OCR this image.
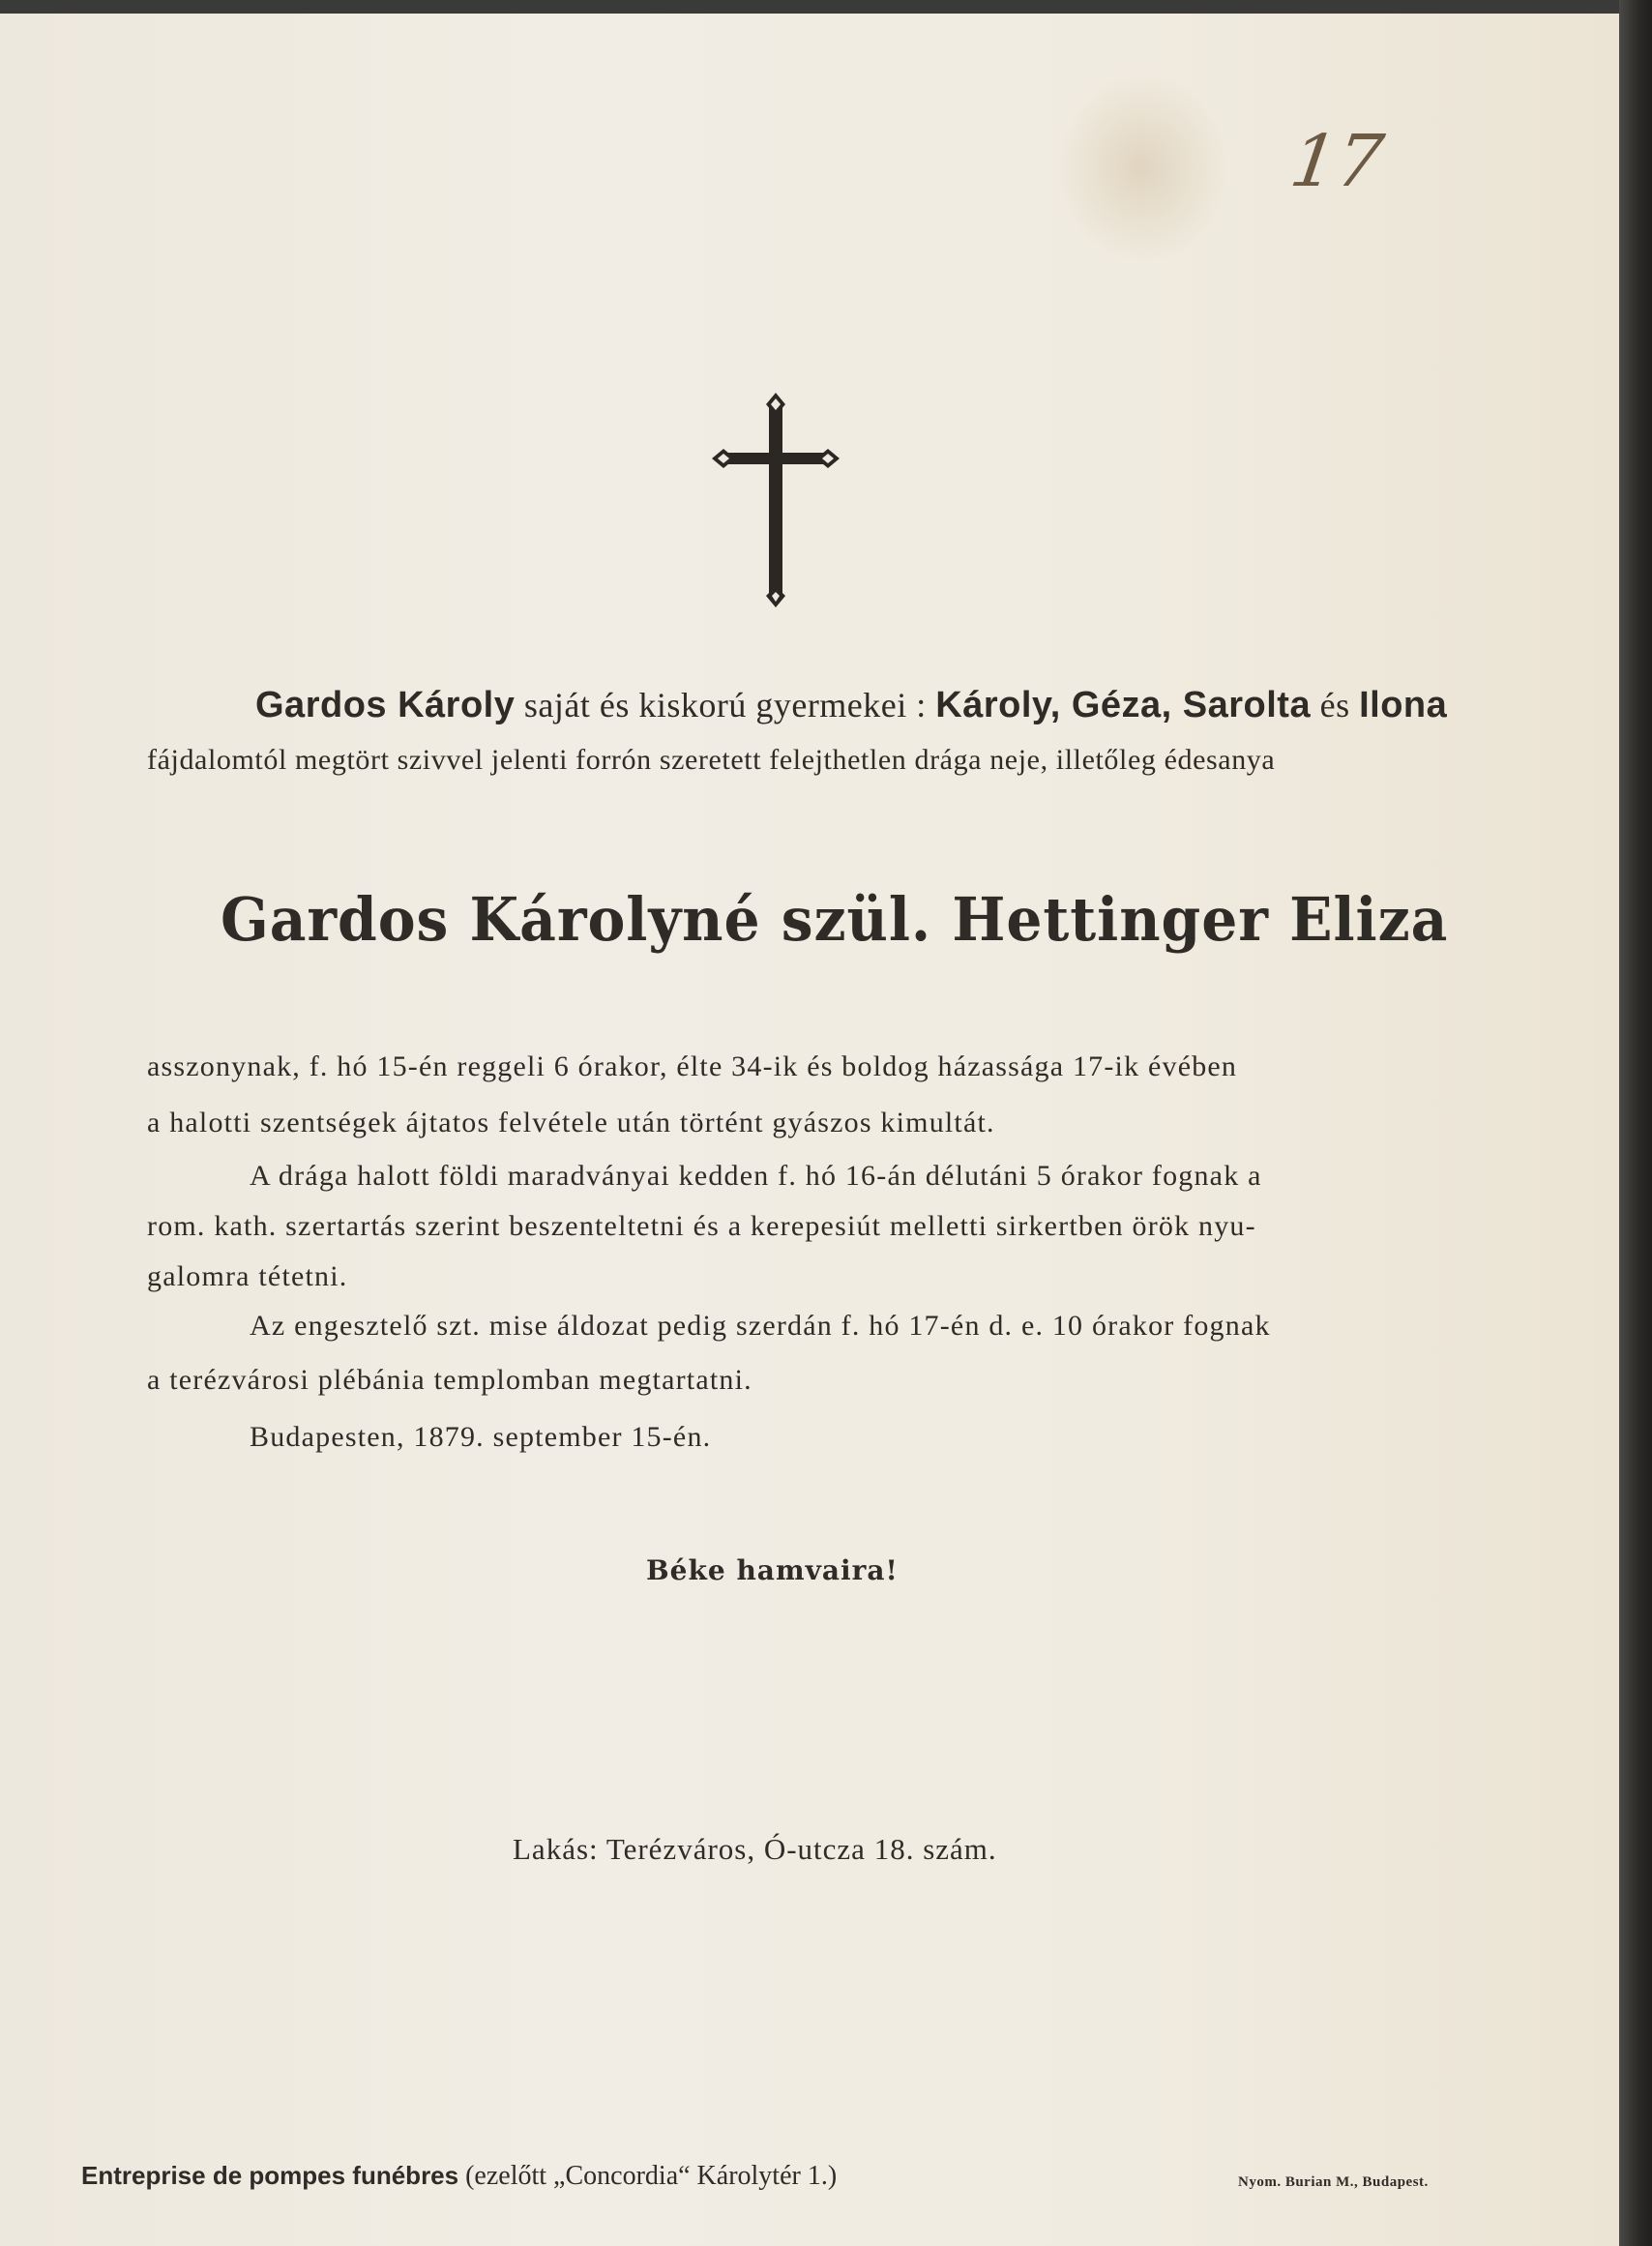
17
Gardos Károly saját és kiskorú gyermekei : Károly, Géza, Sarolta és Ilona
fájdalomtól megtört szivvel jelenti forrón szeretett felejthetlen drága neje, illetőleg édesanya
Gardos Károlyné szül. Hettinger Eliza
asszonynak, f. hó 15-én reggeli 6 órakor, élte 34-ik és boldog házassága 17-ik évében
a halotti szentségek ájtatos felvétele után történt gyászos kimultát.
A drága halott földi maradványai kedden f. hó 16-án délutáni 5 órakor fognak a
rom. kath. szertartás szerint beszenteltetni és a kerepesiút melletti sirkertben örök nyu-
galomra tétetni.
Az engesztelő szt. mise áldozat pedig szerdán f. hó 17-én d. e. 10 órakor fognak
a terézvárosi plébánia templomban megtartatni.
Budapesten, 1879. september 15-én.
Béke hamvaira!
Lakás: Terézváros, Ó-utcza 18. szám.
Entreprise de pompes funébres (ezelőtt „Concordia“ Károlytér 1.)	Nyom. Burian M., Budapest.
